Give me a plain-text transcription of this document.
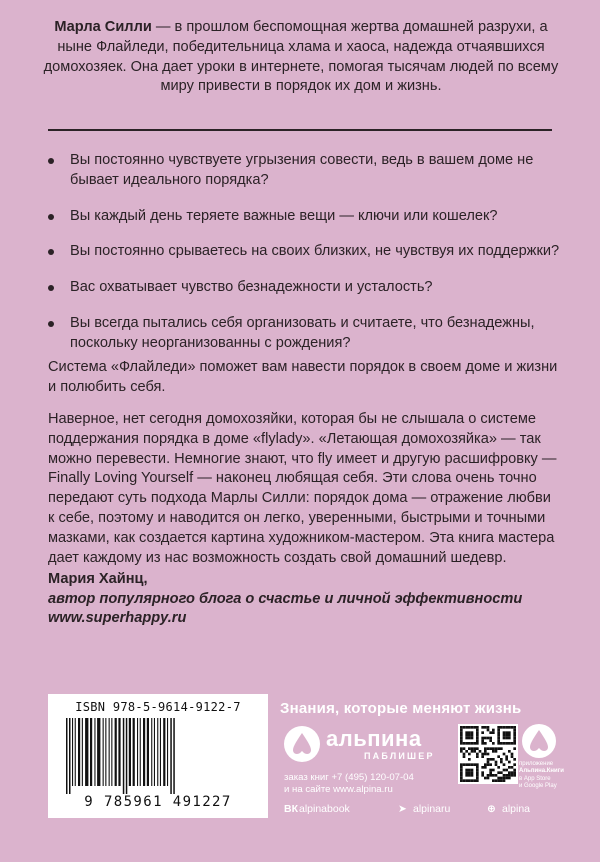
Марла Силли — в прошлом беспомощная жертва домашней разрухи, а ныне Флайледи, победительница хлама и хаоса, надежда отчаявшихся домохозяек. Она дает уроки в интернете, помогая тысячам людей по всему миру привести в порядок их дом и жизнь.
Вы постоянно чувствуете угрызения совести, ведь в вашем доме не бывает идеального порядка?
Вы каждый день теряете важные вещи — ключи или кошелек?
Вы постоянно срываетесь на своих близких, не чувствуя их поддержки?
Вас охватывает чувство безнадежности и усталость?
Вы всегда пытались себя организовать и считаете, что безнадежны, поскольку неорганизованны с рождения?

Система «Флайледи» поможет вам навести порядок в своем доме и жизни и полюбить себя.

Наверное, нет сегодня домохозяйки, которая бы не слышала о системе поддержания порядка в доме «flylady». «Летающая домохозяйка» — так можно перевести. Немногие знают, что fly имеет и другую расшифровку — Finally Loving Yourself — наконец любящая себя. Эти слова очень точно передают суть подхода Марлы Силли: порядок дома — отражение любви к себе, поэтому и наводится он легко, уверенными, быстрыми и точными мазками, как создается картина художником-мастером. Эта книга мастера дает каждому из нас возможность создать свой домашний шедевр.

Мария Хайнц,
автор популярного блога о счастье и личной эффективности
www.superhappy.ru
ISBN 978-5-9614-9122-7
9 785961 491227
Знания, которые меняют жизнь
альпина
ПАБЛИШЕР
заказ книг +7 (495) 120-07-04
и на сайте www.alpina.ru
приложение
Альпина.Книги
в App Store
и Google Play
ВКalpinabook	➤ alpinaru	⊕ alpina
